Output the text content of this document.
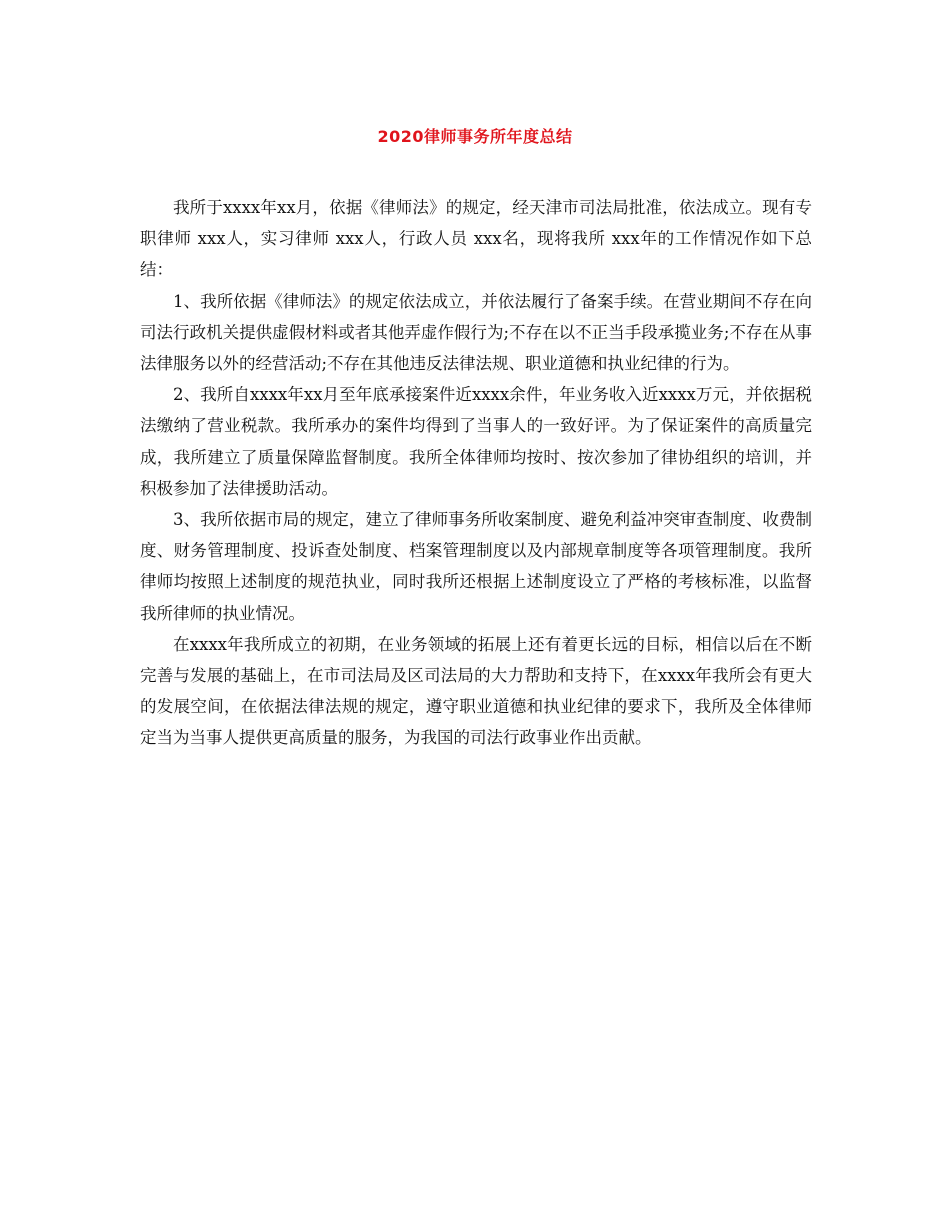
2020律师事务所年度总结

我所于xxxx年xx月，依据《律师法》的规定，经天津市司法局批准，依法成立。现有专职律师 xxx人，实习律师 xxx人，行政人员 xxx名，现将我所 xxx年的工作情况作如下总结：

1、我所依据《律师法》的规定依法成立，并依法履行了备案手续。在营业期间不存在向司法行政机关提供虚假材料或者其他弄虚作假行为;不存在以不正当手段承揽业务;不存在从事法律服务以外的经营活动;不存在其他违反法律法规、职业道德和执业纪律的行为。

2、我所自xxxx年xx月至年底承接案件近xxxx余件，年业务收入近xxxx万元，并依据税法缴纳了营业税款。我所承办的案件均得到了当事人的一致好评。为了保证案件的高质量完成，我所建立了质量保障监督制度。我所全体律师均按时、按次参加了律协组织的培训，并积极参加了法律援助活动。

3、我所依据市局的规定，建立了律师事务所收案制度、避免利益冲突审查制度、收费制度、财务管理制度、投诉查处制度、档案管理制度以及内部规章制度等各项管理制度。我所律师均按照上述制度的规范执业，同时我所还根据上述制度设立了严格的考核标准，以监督我所律师的执业情况。

在xxxx年我所成立的初期，在业务领域的拓展上还有着更长远的目标，相信以后在不断完善与发展的基础上，在市司法局及区司法局的大力帮助和支持下，在xxxx年我所会有更大的发展空间，在依据法律法规的规定，遵守职业道德和执业纪律的要求下，我所及全体律师定当为当事人提供更高质量的服务，为我国的司法行政事业作出贡献。
